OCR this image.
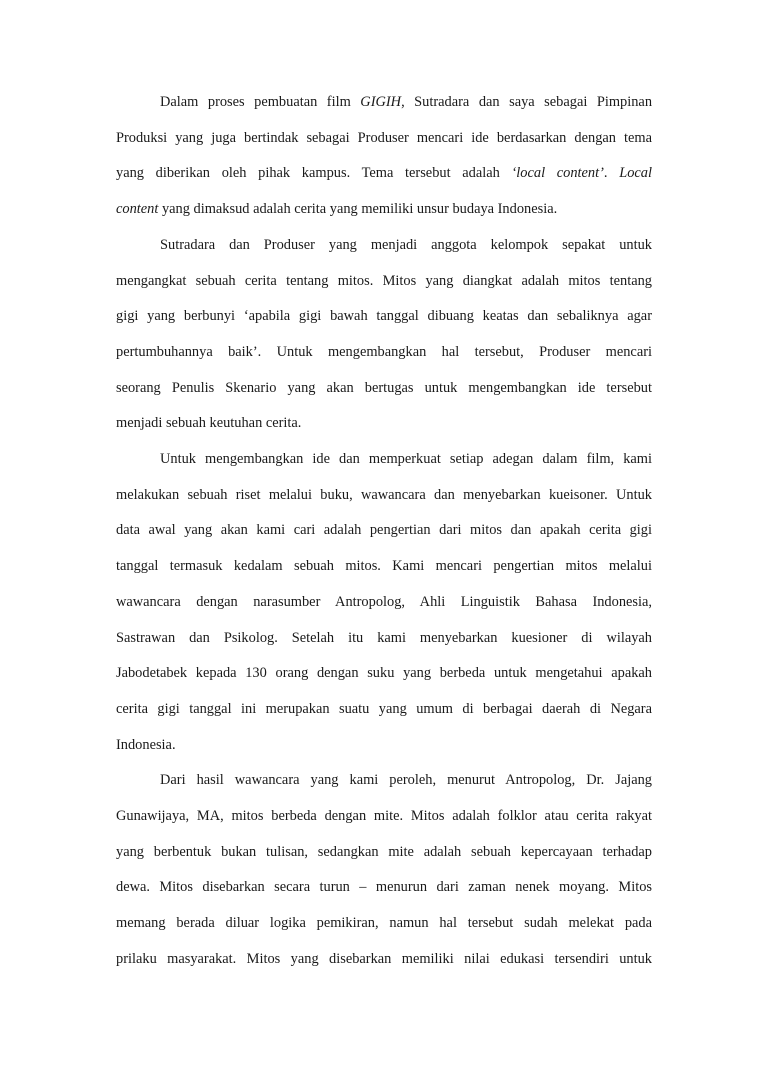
Dalam proses pembuatan film GIGIH, Sutradara dan saya sebagai Pimpinan
Produksi yang juga bertindak sebagai Produser mencari ide berdasarkan dengan tema
yang diberikan oleh pihak kampus. Tema tersebut adalah ‘local content’. Local
content yang dimaksud adalah cerita yang memiliki unsur budaya Indonesia.
Sutradara dan Produser yang menjadi anggota kelompok sepakat untuk
mengangkat sebuah cerita tentang mitos. Mitos yang diangkat adalah mitos tentang
gigi yang berbunyi ‘apabila gigi bawah tanggal dibuang keatas dan sebaliknya agar
pertumbuhannya baik’. Untuk mengembangkan hal tersebut, Produser mencari
seorang Penulis Skenario yang akan bertugas untuk mengembangkan ide tersebut
menjadi sebuah keutuhan cerita.
Untuk mengembangkan ide dan memperkuat setiap adegan dalam film, kami
melakukan sebuah riset melalui buku, wawancara dan menyebarkan kueisoner. Untuk
data awal yang akan kami cari adalah pengertian dari mitos dan apakah cerita gigi
tanggal termasuk kedalam sebuah mitos. Kami mencari pengertian mitos melalui
wawancara dengan narasumber Antropolog, Ahli Linguistik Bahasa Indonesia,
Sastrawan dan Psikolog. Setelah itu kami menyebarkan kuesioner di wilayah
Jabodetabek kepada 130 orang dengan suku yang berbeda untuk mengetahui apakah
cerita gigi tanggal ini merupakan suatu yang umum di berbagai daerah di Negara
Indonesia.
Dari hasil wawancara yang kami peroleh, menurut Antropolog, Dr. Jajang
Gunawijaya, MA, mitos berbeda dengan mite. Mitos adalah folklor atau cerita rakyat
yang berbentuk bukan tulisan, sedangkan mite adalah sebuah kepercayaan terhadap
dewa. Mitos disebarkan secara turun – menurun dari zaman nenek moyang. Mitos
memang berada diluar logika pemikiran, namun hal tersebut sudah melekat pada
prilaku masyarakat. Mitos yang disebarkan memiliki nilai edukasi tersendiri untuk
